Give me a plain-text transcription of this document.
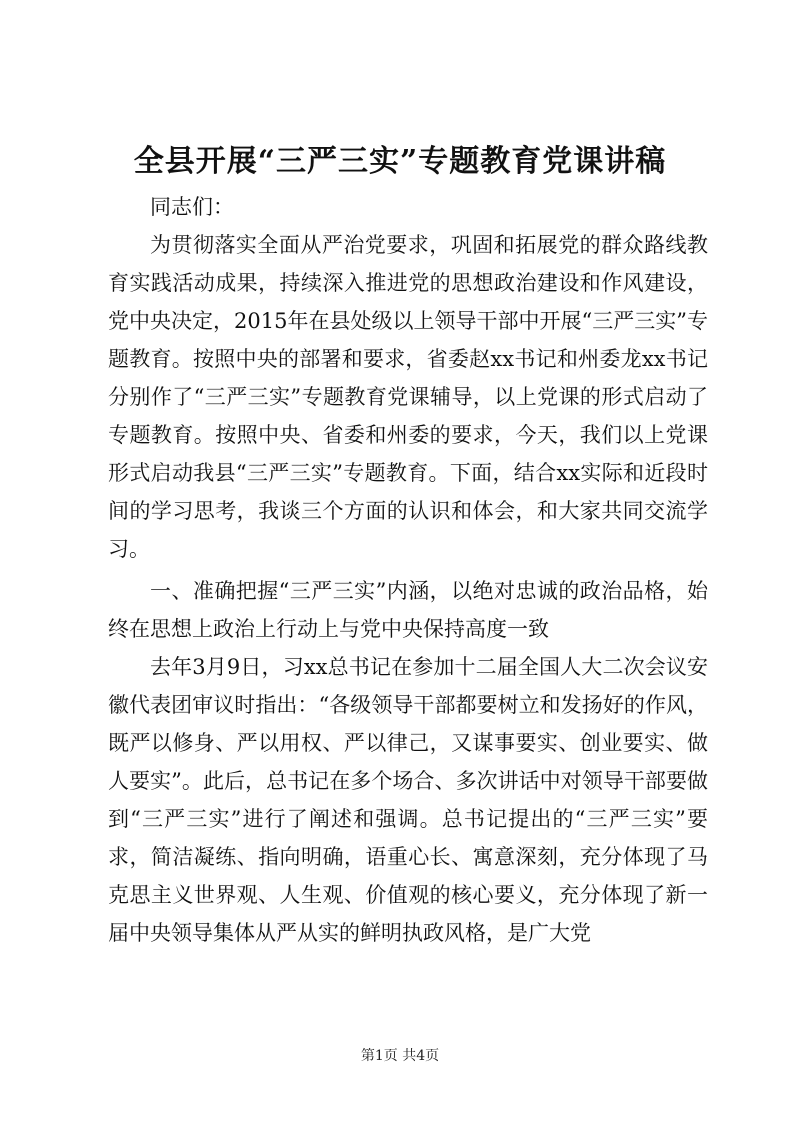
全县开展“三严三实”专题教育党课讲稿

同志们：

为贯彻落实全面从严治党要求，巩固和拓展党的群众路线教育实践活动成果，持续深入推进党的思想政治建设和作风建设，党中央决定，2015年在县处级以上领导干部中开展“三严三实”专题教育。按照中央的部署和要求，省委赵xx书记和州委龙xx书记分别作了“三严三实”专题教育党课辅导，以上党课的形式启动了专题教育。按照中央、省委和州委的要求，今天，我们以上党课形式启动我县“三严三实”专题教育。下面，结合xx实际和近段时间的学习思考，我谈三个方面的认识和体会，和大家共同交流学习。

一、准确把握“三严三实”内涵，以绝对忠诚的政治品格，始终在思想上政治上行动上与党中央保持高度一致

去年3月9日，习xx总书记在参加十二届全国人大二次会议安徽代表团审议时指出：“各级领导干部都要树立和发扬好的作风，既严以修身、严以用权、严以律己，又谋事要实、创业要实、做人要实”。此后，总书记在多个场合、多次讲话中对领导干部要做到“三严三实”进行了阐述和强调。总书记提出的“三严三实”要求，简洁凝练、指向明确，语重心长、寓意深刻，充分体现了马克思主义世界观、人生观、价值观的核心要义，充分体现了新一届中央领导集体从严从实的鲜明执政风格，是广大党

第1页 共4页
